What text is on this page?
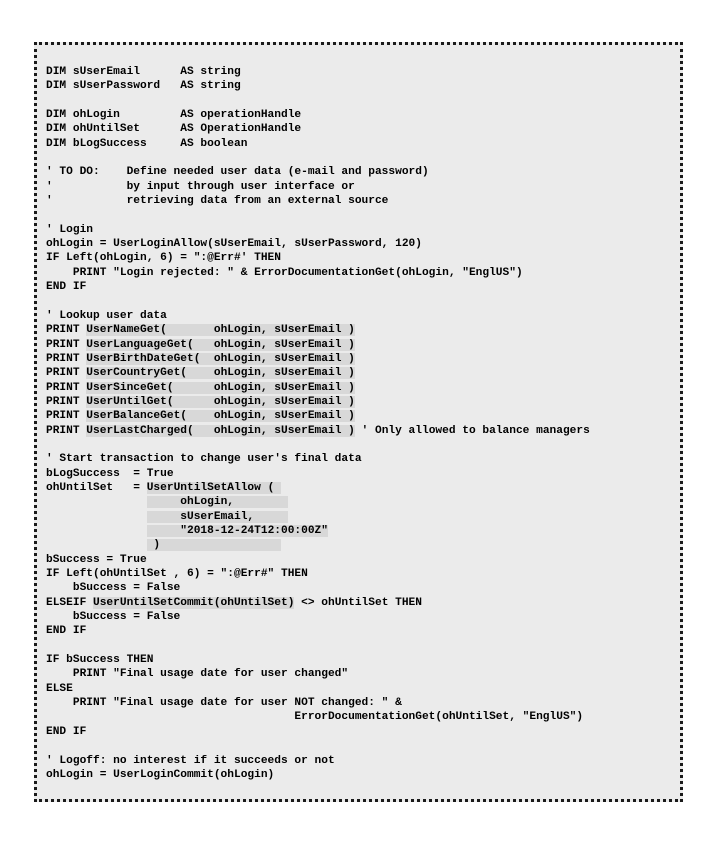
DIM sUserEmail      AS string
DIM sUserPassword   AS string
DIM ohLogin         AS operationHandle
DIM ohUntilSet      AS OperationHandle
DIM bLogSuccess     AS boolean
' TO DO:    Define needed user data (e-mail and password)
'           by input through user interface or
'           retrieving data from an external source
' Login
ohLogin = UserLoginAllow(sUserEmail, sUserPassword, 120)
IF Left(ohLogin, 6) = ":@Err#' THEN
PRINT "Login rejected: " & ErrorDocumentationGet(ohLogin, "EnglUS")
END IF
' Lookup user data
PRINT UserNameGet(       ohLogin, sUserEmail )
PRINT UserLanguageGet(   ohLogin, sUserEmail )
PRINT UserBirthDateGet(  ohLogin, sUserEmail )
PRINT UserCountryGet(    ohLogin, sUserEmail )
PRINT UserSinceGet(      ohLogin, sUserEmail )
PRINT UserUntilGet(      ohLogin, sUserEmail )
PRINT UserBalanceGet(    ohLogin, sUserEmail )
PRINT UserLastCharged(   ohLogin, sUserEmail ) ' Only allowed to balance managers
' Start transaction to change user's final data
bLogSuccess  = True
ohUntilSet   = UserUntilSetAllow (
ohLogin,
sUserEmail,
"2018-12-24T12:00:00Z"
)
bSuccess = True
IF Left(ohUntilSet , 6) = ":@Err#" THEN
bSuccess = False
ELSEIF UserUntilSetCommit(ohUntilSet) <> ohUntilSet THEN
bSuccess = False
END IF
IF bSuccess THEN
PRINT "Final usage date for user changed"
ELSE
PRINT "Final usage date for user NOT changed: " &
ErrorDocumentationGet(ohUntilSet, "EnglUS")
END IF
' Logoff: no interest if it succeeds or not
ohLogin = UserLoginCommit(ohLogin)
